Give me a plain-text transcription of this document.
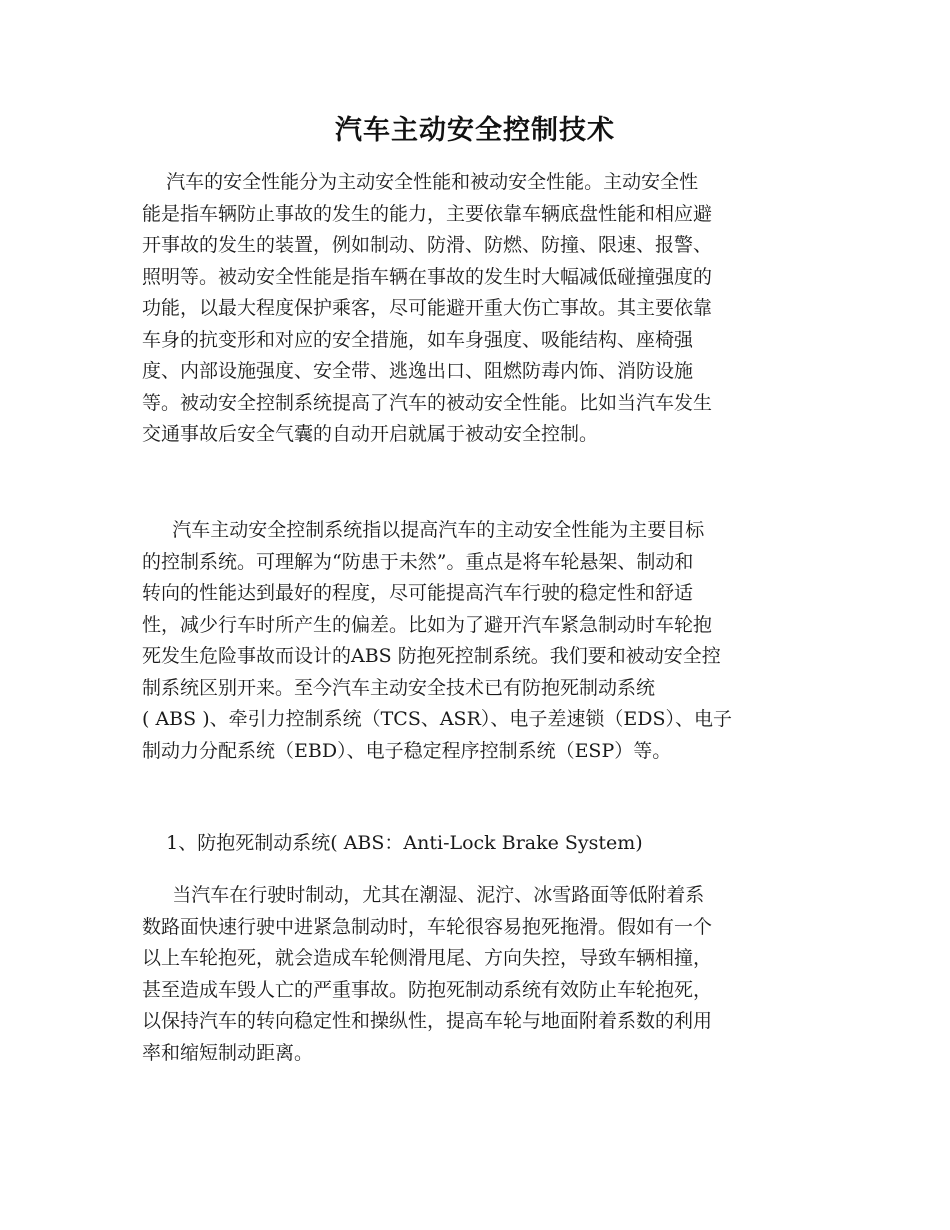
汽车主动安全控制技术
汽车的安全性能分为主动安全性能和被动安全性能。主动安全性
能是指车辆防止事故的发生的能力，主要依靠车辆底盘性能和相应避
开事故的发生的装置，例如制动、防滑、防燃、防撞、限速、报警、
照明等。被动安全性能是指车辆在事故的发生时大幅减低碰撞强度的
功能，以最大程度保护乘客，尽可能避开重大伤亡事故。其主要依靠
车身的抗变形和对应的安全措施，如车身强度、吸能结构、座椅强
度、内部设施强度、安全带、逃逸出口、阻燃防毒内饰、消防设施
等。被动安全控制系统提高了汽车的被动安全性能。比如当汽车发生
交通事故后安全气囊的自动开启就属于被动安全控制。
汽车主动安全控制系统指以提高汽车的主动安全性能为主要目标
的控制系统。可理解为“防患于未然”。重点是将车轮悬架、制动和
转向的性能达到最好的程度，尽可能提高汽车行驶的稳定性和舒适
性，减少行车时所产生的偏差。比如为了避开汽车紧急制动时车轮抱
死发生危险事故而设计的ABS 防抱死控制系统。我们要和被动安全控
制系统区别开来。至今汽车主动安全技术已有防抱死制动系统
( ABS )、牵引力控制系统（TCS、ASR）、电子差速锁（EDS）、电子
制动力分配系统（EBD）、电子稳定程序控制系统（ESP）等。
1、防抱死制动系统( ABS：Anti-Lock Brake System)
当汽车在行驶时制动，尤其在潮湿、泥泞、冰雪路面等低附着系
数路面快速行驶中进紧急制动时，车轮很容易抱死拖滑。假如有一个
以上车轮抱死，就会造成车轮侧滑甩尾、方向失控，导致车辆相撞，
甚至造成车毁人亡的严重事故。防抱死制动系统有效防止车轮抱死，
以保持汽车的转向稳定性和操纵性，提高车轮与地面附着系数的利用
率和缩短制动距离。
